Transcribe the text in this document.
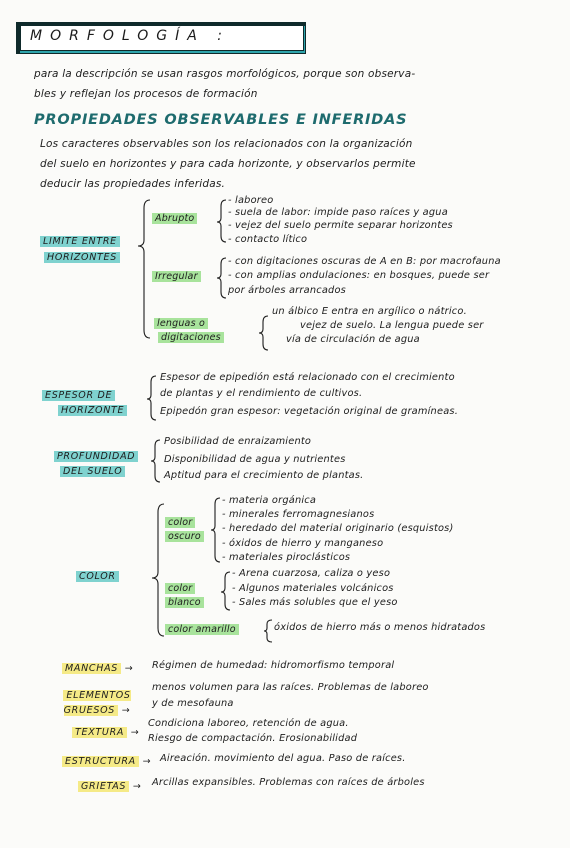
MORFOLOGÍA :
para la descripción se usan rasgos morfológicos, porque son observa-
bles y reflejan los procesos de formación
PROPIEDADES OBSERVABLES E INFERIDAS
Los caracteres observables son los relacionados con la organización
del suelo en horizontes y para cada horizonte, y observarlos permite
deducir las propiedades inferidas.
LIMITE ENTRE
HORIZONTES
Abrupto
- laboreo
- suela de labor: impide paso raíces y agua
- vejez del suelo permite separar horizontes
- contacto lítico
Irregular
- con digitaciones oscuras de A en B: por macrofauna
- con amplias ondulaciones: en bosques, puede ser
por árboles arrancados
lenguas o
digitaciones
un álbico E entra en argílico o nátrico.
vejez de suelo. La lengua puede ser
vía de circulación de agua
ESPESOR DE
HORIZONTE
Espesor de epipedión está relacionado con el crecimiento
de plantas y el rendimiento de cultivos.
Epipedón gran espesor: vegetación original de gramíneas.
PROFUNDIDAD
DEL SUELO
Posibilidad de enraizamiento
Disponibilidad de agua y nutrientes
Aptitud para el crecimiento de plantas.
COLOR
color
oscuro
- materia orgánica
- minerales ferromagnesianos
- heredado del material originario (esquistos)
- óxidos de hierro y manganeso
- materiales piroclásticos
color
blanco
- Arena cuarzosa, caliza o yeso
- Algunos materiales volcánicos
- Sales más solubles que el yeso
color amarillo	óxidos de hierro más o menos hidratados
MANCHAS → Régimen de humedad: hidromorfismo temporal
ELEMENTOS GRUESOS →
menos volumen para las raíces. Problemas de laboreo
y de mesofauna
TEXTURA →
Condiciona laboreo, retención de agua.
Riesgo de compactación. Erosionabilidad
ESTRUCTURA → Aireación. movimiento del agua. Paso de raíces.
GRIETAS → Arcillas expansibles. Problemas con raíces de árboles
